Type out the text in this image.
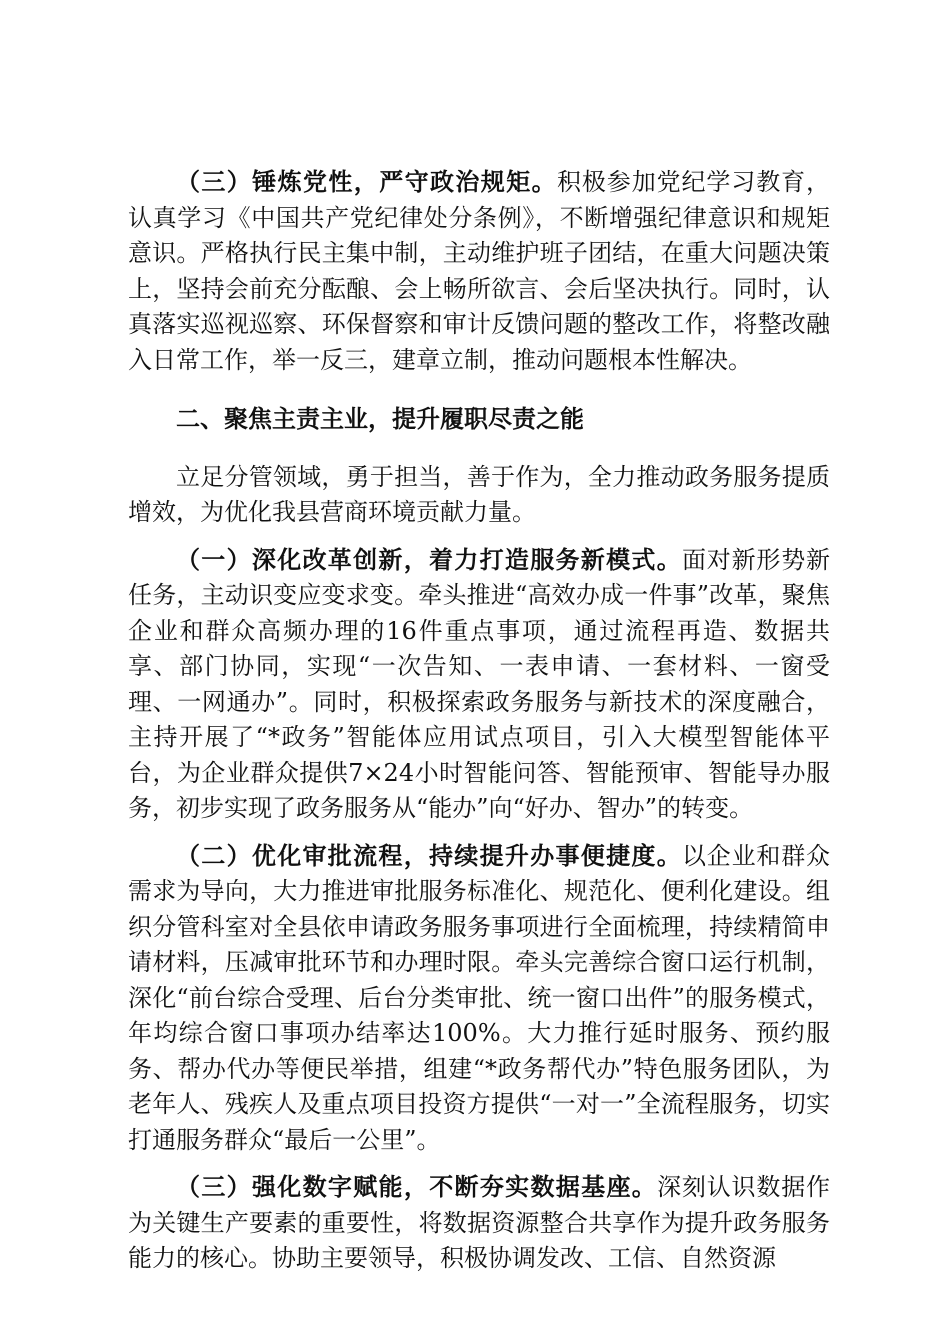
（三）锤炼党性，严守政治规矩。积极参加党纪学习教育，认真学习《中国共产党纪律处分条例》，不断增强纪律意识和规矩意识。严格执行民主集中制，主动维护班子团结，在重大问题决策上，坚持会前充分酝酿、会上畅所欲言、会后坚决执行。同时，认真落实巡视巡察、环保督察和审计反馈问题的整改工作，将整改融入日常工作，举一反三，建章立制，推动问题根本性解决。

二、聚焦主责主业，提升履职尽责之能

立足分管领域，勇于担当，善于作为，全力推动政务服务提质增效，为优化我县营商环境贡献力量。

（一）深化改革创新，着力打造服务新模式。面对新形势新任务，主动识变应变求变。牵头推进“高效办成一件事”改革，聚焦企业和群众高频办理的16件重点事项，通过流程再造、数据共享、部门协同，实现“一次告知、一表申请、一套材料、一窗受理、一网通办”。同时，积极探索政务服务与新技术的深度融合，主持开展了“*政务”智能体应用试点项目，引入大模型智能体平台，为企业群众提供7×24小时智能问答、智能预审、智能导办服务，初步实现了政务服务从“能办”向“好办、智办”的转变。

（二）优化审批流程，持续提升办事便捷度。以企业和群众需求为导向，大力推进审批服务标准化、规范化、便利化建设。组织分管科室对全县依申请政务服务事项进行全面梳理，持续精简申请材料，压减审批环节和办理时限。牵头完善综合窗口运行机制，深化“前台综合受理、后台分类审批、统一窗口出件”的服务模式，年均综合窗口事项办结率达100%。大力推行延时服务、预约服务、帮办代办等便民举措，组建“*政务帮代办”特色服务团队，为老年人、残疾人及重点项目投资方提供“一对一”全流程服务，切实打通服务群众“最后一公里”。

（三）强化数字赋能，不断夯实数据基座。深刻认识数据作为关键生产要素的重要性，将数据资源整合共享作为提升政务服务能力的核心。协助主要领导，积极协调发改、工信、自然资源
